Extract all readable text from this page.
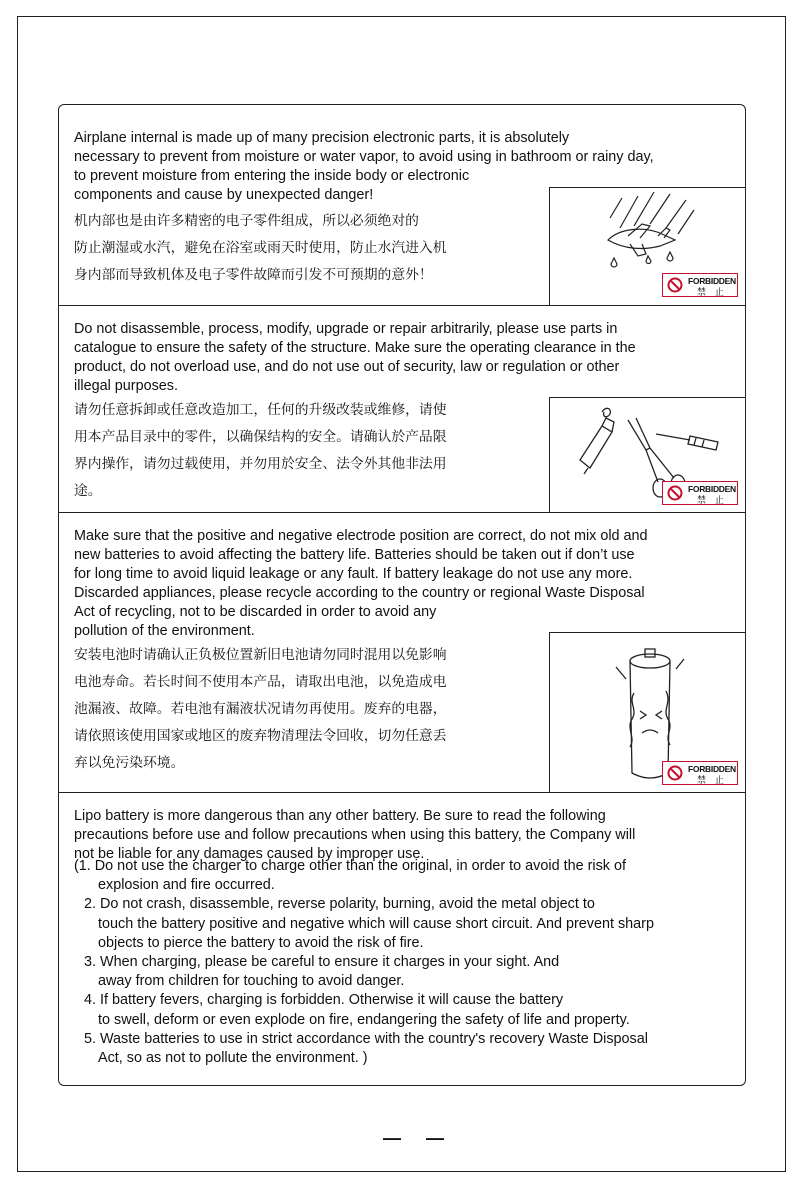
Airplane internal is made up of many precision electronic parts, it is absolutely
necessary to prevent from moisture or water vapor, to avoid using in bathroom or rainy day,
to prevent moisture from entering the inside body or electronic
components and cause by unexpected danger!
机内部也是由许多精密的电子零件组成，所以必须绝对的
防止潮湿或水汽，避免在浴室或雨天时使用，防止水汽进入机
身内部而导致机体及电子零件故障而引发不可预期的意外！	FORBIDDEN
禁 止
Do not disassemble, process, modify, upgrade or repair arbitrarily, please use parts in
catalogue to ensure the safety of the structure. Make sure the operating clearance in the
product, do not overload use, and do not use out of security, law or regulation or other
illegal purposes.
请勿任意拆卸或任意改造加工，任何的升级改装或维修，请使
用本产品目录中的零件，以确保结构的安全。请确认於产品限
界内操作，请勿过载使用，并勿用於安全、法令外其他非法用
途。	FORBIDDEN
禁 止
Make sure that the positive and negative electrode position are correct, do not mix old and
new batteries to avoid affecting the battery life. Batteries should be taken out if don’t use
for long time to avoid liquid leakage or any fault. If battery leakage do not use any more.
Discarded appliances, please recycle according to the country or regional Waste Disposal
Act of recycling, not to be discarded in order to avoid any
pollution of the environment.
安装电池时请确认正负极位置新旧电池请勿同时混用以免影响
电池寿命。若长时间不使用本产品，请取出电池，以免造成电
池漏液、故障。若电池有漏液状况请勿再使用。废弃的电器，
请依照该使用国家或地区的废弃物清理法令回收，切勿任意丢
弃以免污染环境。	FORBIDDEN
禁 止
Lipo battery is more dangerous than any other battery. Be sure to read the following
precautions before use and follow precautions when using this battery, the Company will
not be liable for any damages caused by improper use.
(1. Do not use the charger to charge other than the original, in order to avoid the risk of
explosion and fire occurred.
2. Do not crash, disassemble, reverse polarity, burning, avoid the metal object to
touch the battery positive and negative which will cause short circuit. And prevent sharp
objects to pierce the battery to avoid the risk of fire.
3. When charging, please be careful to ensure it charges in your sight. And
away from children for touching to avoid danger.
4. If battery fevers, charging is forbidden. Otherwise it will cause the battery
to swell, deform or even explode on fire, endangering the safety of life and property.
5. Waste batteries to use in strict accordance with the country's recovery Waste Disposal
Act, so as not to pollute the environment. )
— —
